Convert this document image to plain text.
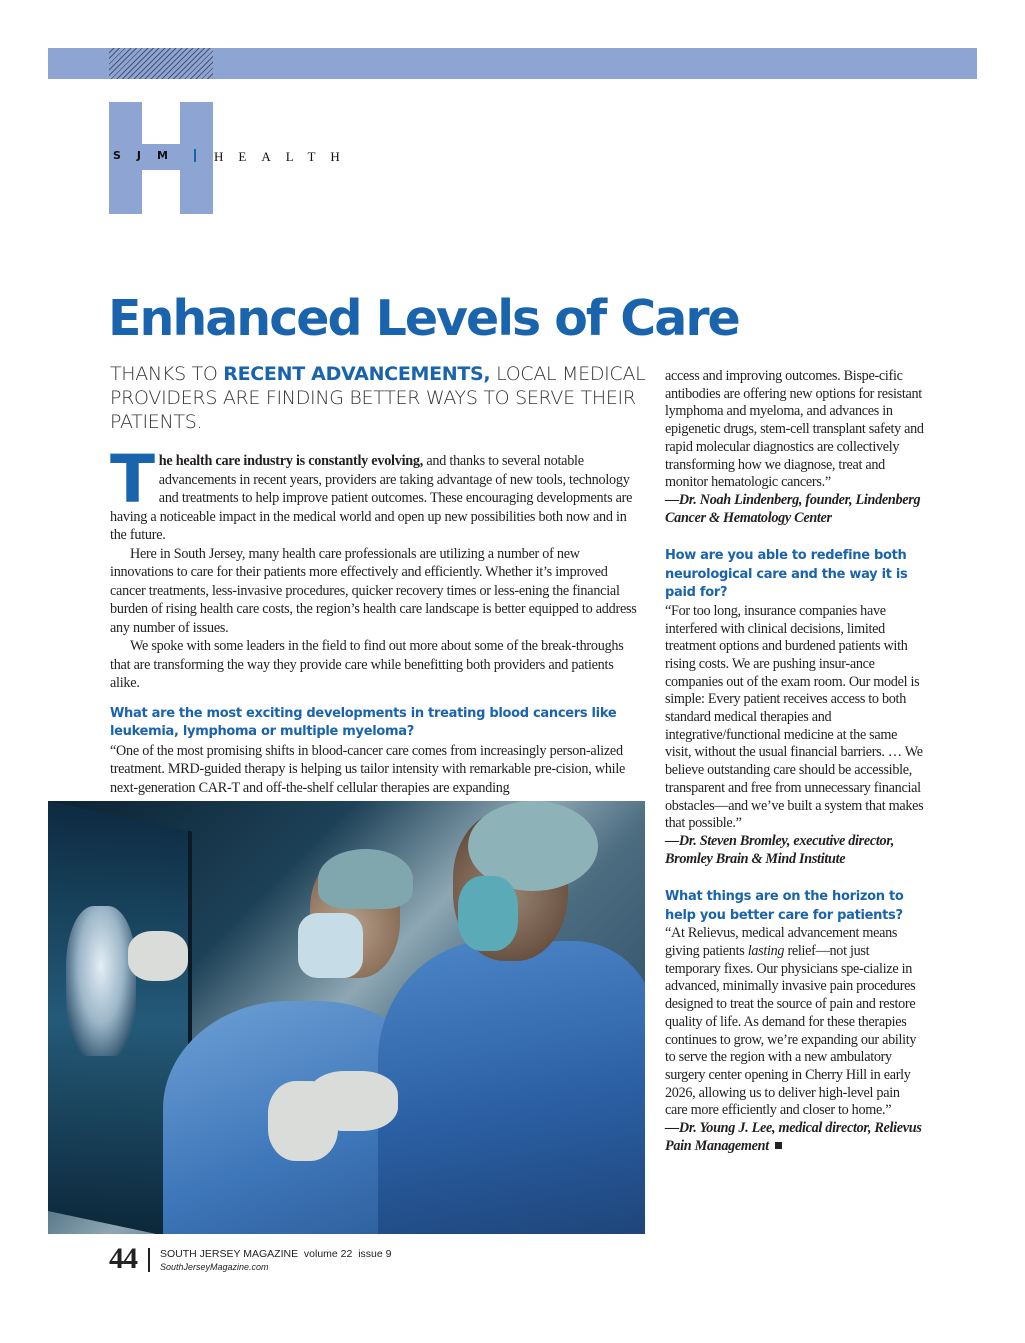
SJM HEALTH
Enhanced Levels of Care
THANKS TO RECENT ADVANCEMENTS, LOCAL MEDICAL PROVIDERS ARE FINDING BETTER WAYS TO SERVE THEIR PATIENTS.

The health care industry is constantly evolving, and thanks to several notable advancements in recent years, providers are taking advantage of new tools, technology and treatments to help improve patient outcomes. These encouraging developments are having a noticeable impact in the medical world and open up new possibilities both now and in the future.

Here in South Jersey, many health care professionals are utilizing a number of new innovations to care for their patients more effectively and efficiently. Whether it’s improved cancer treatments, less-invasive procedures, quicker recovery times or less-ening the financial burden of rising health care costs, the region’s health care landscape is better equipped to address any number of issues.

We spoke with some leaders in the field to find out more about some of the break-throughs that are transforming the way they provide care while benefitting both providers and patients alike.

What are the most exciting developments in treating blood cancers like leukemia, lymphoma or multiple myeloma?

“One of the most promising shifts in blood-cancer care comes from increasingly person-alized treatment. MRD-guided therapy is helping us tailor intensity with remarkable pre-cision, while next-generation CAR-T and off-the-shelf cellular therapies are expanding

access and improving outcomes. Bispe-cific antibodies are offering new options for resistant lymphoma and myeloma, and advances in epigenetic drugs, stem-cell transplant safety and rapid molecular diagnostics are collectively transforming how we diagnose, treat and monitor hematologic cancers.”

—Dr. Noah Lindenberg, founder, Lindenberg Cancer & Hematology Center

How are you able to redefine both neurological care and the way it is paid for?

“For too long, insurance companies have interfered with clinical decisions, limited treatment options and burdened patients with rising costs. We are pushing insur-ance companies out of the exam room. Our model is simple: Every patient receives access to both standard medical therapies and integrative/functional medicine at the same visit, without the usual financial barriers. … We believe outstanding care should be accessible, transparent and free from unnecessary financial obstacles—and we’ve built a system that makes that possible.”

—Dr. Steven Bromley, executive director, Bromley Brain & Mind Institute

What things are on the horizon to help you better care for patients?

“At Relievus, medical advancement means giving patients lasting relief—not just temporary fixes. Our physicians spe-cialize in advanced, minimally invasive pain procedures designed to treat the source of pain and restore quality of life. As demand for these therapies continues to grow, we’re expanding our ability to serve the region with a new ambulatory surgery center opening in Cherry Hill in early 2026, allowing us to deliver high-level pain care more efficiently and closer to home.”

—Dr. Young J. Lee, medical director, Relievus Pain Management

44 SOUTH JERSEY MAGAZINE  volume 22  issue 9
SouthJerseyMagazine.com
